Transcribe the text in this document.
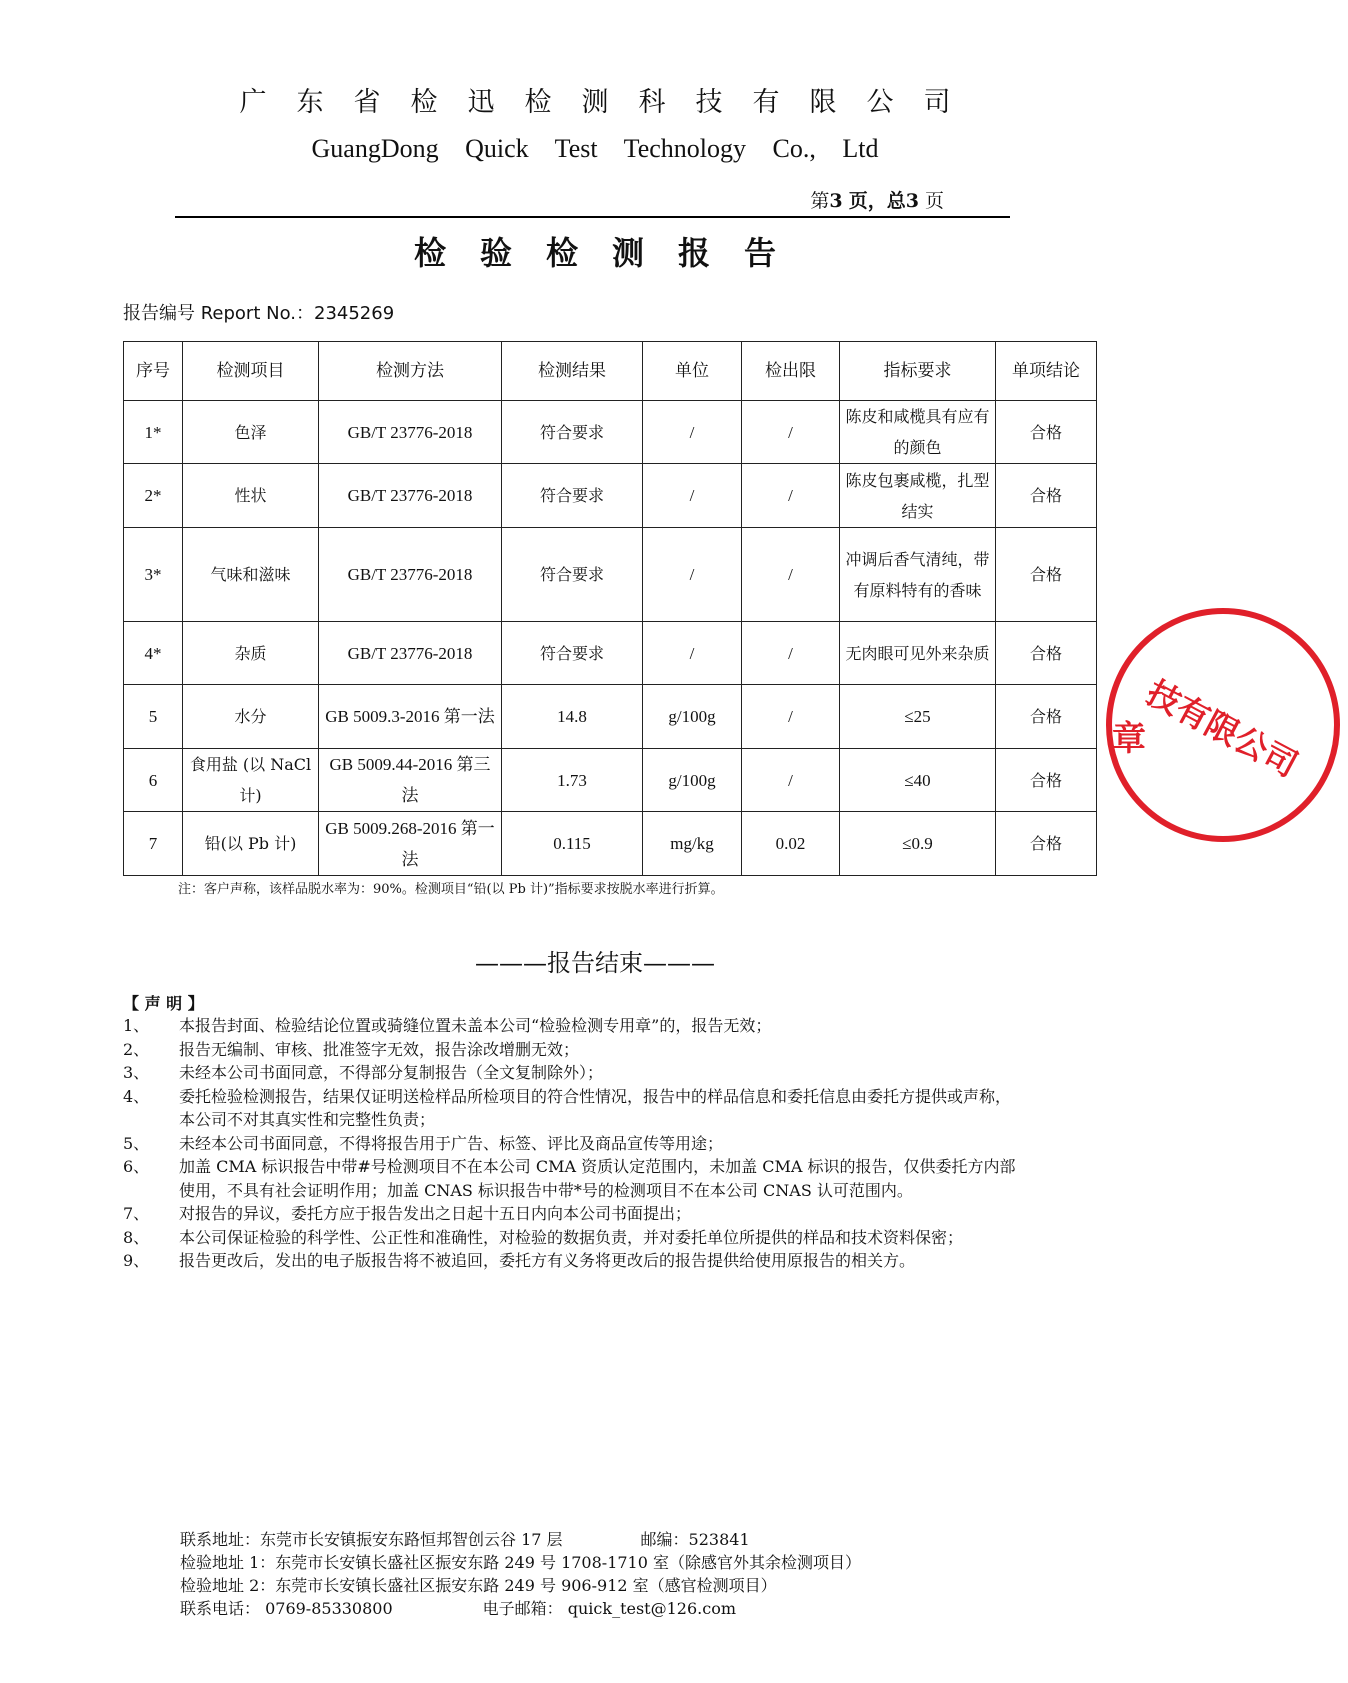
广东省检迅检测科技有限公司
GuangDong Quick Test Technology Co., Ltd
第3 页，总3 页
检验检测报告
报告编号 Report No.：2345269
序号	检测项目	检测方法	检测结果	单位	检出限	指标要求	单项结论
1*	色泽	GB/T 23776-2018	符合要求	/	/	陈皮和咸榄具有应有的颜色	合格
2*	性状	GB/T 23776-2018	符合要求	/	/	陈皮包裹咸榄，扎型结实	合格
3*	气味和滋味	GB/T 23776-2018	符合要求	/	/	冲调后香气清纯，带有原料特有的香味	合格
4*	杂质	GB/T 23776-2018	符合要求	/	/	无肉眼可见外来杂质	合格
5	水分	GB 5009.3-2016 第一法	14.8	g/100g	/	≤25	合格
6	食用盐 (以 NaCl 计)	GB 5009.44-2016 第三法	1.73	g/100g	/	≤40	合格
7	铅(以 Pb 计)	GB 5009.268-2016 第一法	0.115	mg/kg	0.02	≤0.9	合格
注：客户声称，该样品脱水率为：90%。检测项目“铅(以 Pb 计)”指标要求按脱水率进行折算。
———报告结束———
【 声 明 】
1、 本报告封面、检验结论位置或骑缝位置未盖本公司“检验检测专用章”的，报告无效；
2、 报告无编制、审核、批准签字无效，报告涂改增删无效；
3、 未经本公司书面同意，不得部分复制报告（全文复制除外）；
4、 委托检验检测报告，结果仅证明送检样品所检项目的符合性情况，报告中的样品信息和委托信息由委托方提供或声称，本公司不对其真实性和完整性负责；
5、 未经本公司书面同意，不得将报告用于广告、标签、评比及商品宣传等用途；
6、 加盖 CMA 标识报告中带#号检测项目不在本公司 CMA 资质认定范围内，未加盖 CMA 标识的报告，仅供委托方内部使用，不具有社会证明作用；加盖 CNAS 标识报告中带*号的检测项目不在本公司 CNAS 认可范围内。
7、 对报告的异议，委托方应于报告发出之日起十五日内向本公司书面提出；
8、 本公司保证检验的科学性、公正性和准确性，对检验的数据负责，并对委托单位所提供的样品和技术资料保密；
9、 报告更改后，发出的电子版报告将不被追回，委托方有义务将更改后的报告提供给使用原报告的相关方。
联系地址：东莞市长安镇振安东路恒邦智创云谷 17 层	邮编：523841
检验地址 1：东莞市长安镇长盛社区振安东路 249 号 1708-1710 室（除感官外其余检测项目）
检验地址 2：东莞市长安镇长盛社区振安东路 249 号 906-912 室（感官检测项目）
联系电话： 0769-85330800	电子邮箱： quick_test@126.com
技有限公司
章
